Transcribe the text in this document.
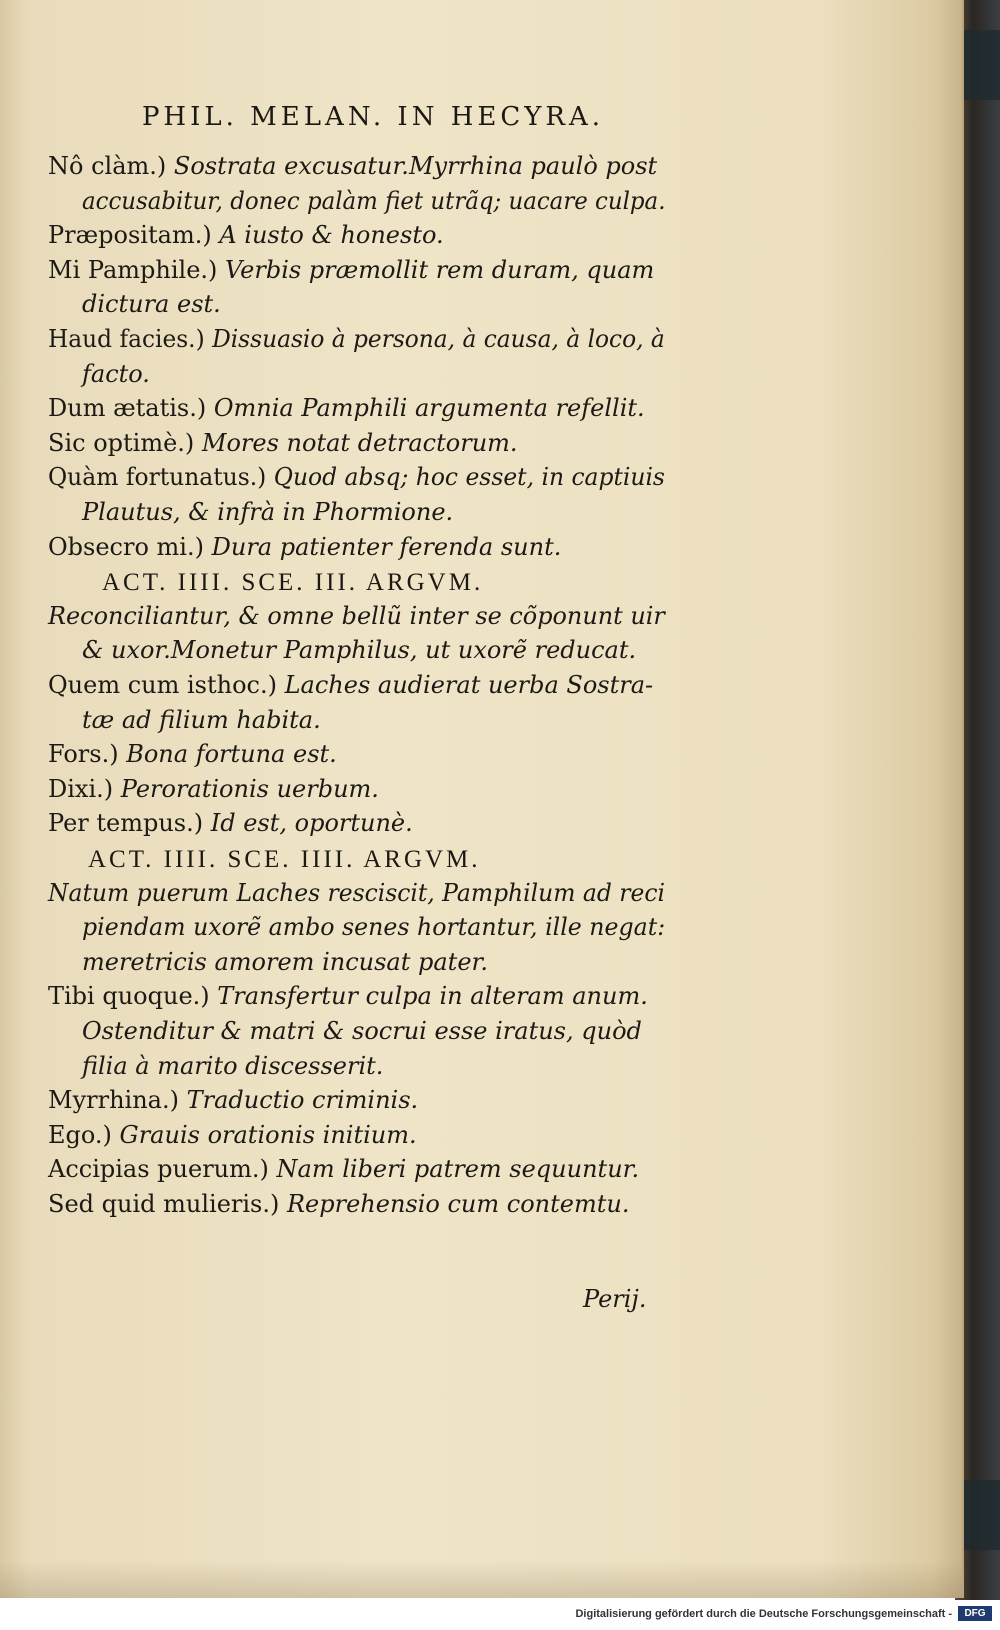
PHIL. MELAN. IN HECYRA.
Nô clàm.) Sostrata excusatur.Myrrhina paulò post
accusabitur, donec palàm fiet utrãq; uacare culpa.
Præpositam.) A iusto & honesto.
Mi Pamphile.) Verbis præmollit rem duram, quam
dictura est.
Haud facies.) Dissuasio à persona, à causa, à loco, à
facto.
Dum ætatis.) Omnia Pamphili argumenta refellit.
Sic optimè.) Mores notat detractorum.
Quàm fortunatus.) Quod absq; hoc esset, in captiuis
Plautus, & infrà in Phormione.
Obsecro mi.) Dura patienter ferenda sunt.
ACT. IIII. SCE. III. ARGVM.
Reconciliantur, & omne bellũ inter se cõponunt uir
& uxor.Monetur Pamphilus, ut uxorẽ reducat.
Quem cum isthoc.) Laches audierat uerba Sostra-
tæ ad filium habita.
Fors.) Bona fortuna est.
Dixi.) Perorationis uerbum.
Per tempus.) Id est, oportunè.
ACT. IIII. SCE. IIII. ARGVM.
Natum puerum Laches rescisсit, Pamphilum ad reci
piendam uxorẽ ambo senes hortantur, ille negat:
meretricis amorem incusat pater.
Tibi quoque.) Transfertur culpa in alteram anum.
Ostenditur & matri & socrui esse iratus, quòd
filia à marito discesserit.
Myrrhina.) Traductio criminis.
Ego.) Grauis orationis initium.
Accipias puerum.) Nam liberi patrem sequuntur.
Sed quid mulieris.) Reprehensio cum contemtu.
Perij.
Digitalisierung gefördert durch die Deutsche Forschungsgemeinschaft -	DFG
